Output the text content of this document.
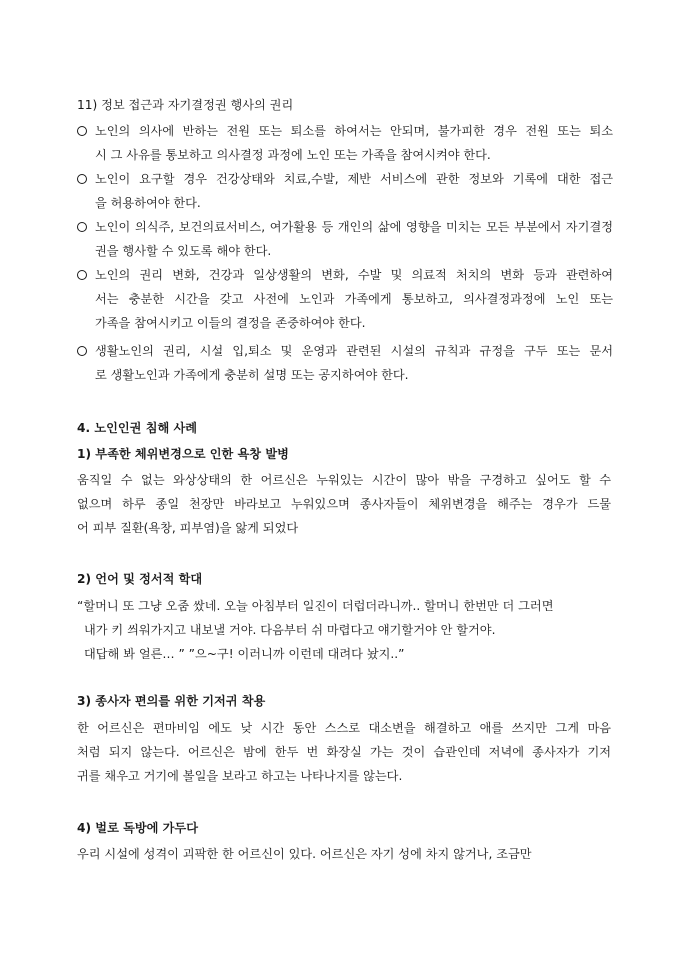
11) 정보 접근과 자기결정권 행사의 권리
노인의 의사에 반하는 전원 또는 퇴소를 하여서는 안되며, 불가피한 경우 전원 또는 퇴소
시 그 사유를 통보하고 의사결정 과정에 노인 또는 가족을 참여시켜야 한다.
노인이 요구할 경우 건강상태와 치료,수발, 제반 서비스에 관한 정보와 기록에 대한 접근
을 허용하여야 한다.
노인이 의식주, 보건의료서비스, 여가활용 등 개인의 삶에 영향을 미치는 모든 부분에서 자기결정
권을 행사할 수 있도록 해야 한다.
노인의 권리 변화, 건강과 일상생활의 변화, 수발 및 의료적 처치의 변화 등과 관련하여
서는 충분한 시간을 갖고 사전에 노인과 가족에게 통보하고, 의사결정과정에 노인 또는
가족을 참여시키고 이들의 결정을 존중하여야 한다.
생활노인의 권리, 시설 입,퇴소 및 운영과 관련된 시설의 규칙과 규정을 구두 또는 문서
로 생활노인과 가족에게 충분히 설명 또는 공지하여야 한다.
4. 노인인권 침해 사례
1) 부족한 체위변경으로 인한 욕창 발병
움직일 수 없는 와상상태의 한 어르신은 누워있는 시간이 많아 밖을 구경하고 싶어도 할 수
없으며 하루 종일 천장만 바라보고 누워있으며 종사자들이 체위변경을 해주는 경우가 드물
어 피부 질환(욕창, 피부염)을 앓게 되었다
2) 언어 및 정서적 학대
“할머니 또 그냥 오줌 쌌네. 오늘 아침부터 일진이 더럽더라니까.. 할머니 한번만 더 그러면
내가 키 씌워가지고 내보낼 거야. 다음부터 쉬 마렵다고 얘기할거야 안 할거야.
대답해 봐 얼른… ” ”으~구! 이러니까 이런데 대려다 놨지..”
3) 종사자 편의를 위한 기저귀 착용
한 어르신은 편마비임 에도 낮 시간 동안 스스로 대소변을 해결하고 애를 쓰지만 그게 마음
처럼 되지 않는다. 어르신은 밤에 한두 번 화장실 가는 것이 습관인데 저녁에 종사자가 기저
귀를 채우고 거기에 볼일을 보라고 하고는 나타나지를 않는다.
4) 벌로 독방에 가두다
우리 시설에 성격이 괴팍한 한 어르신이 있다. 어르신은 자기 성에 차지 않거나, 조금만
